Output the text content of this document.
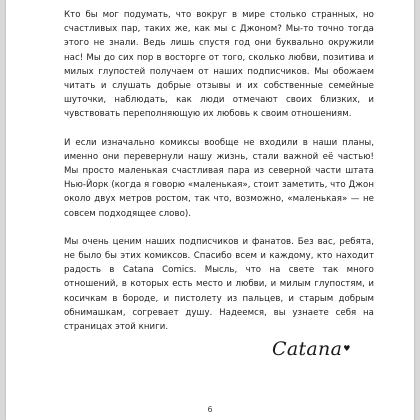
Кто бы мог подумать, что вокруг в мире столько странных, но счастливых пар, таких же, как мы с Джоном? Мы-то точно тогда этого не знали. Ведь лишь спустя год они буквально окружили нас! Мы до сих пор в восторге от того, сколько любви, позитива и милых глупостей получаем от наших подписчиков. Мы обожаем читать и слушать добрые отзывы и их собственные семейные шуточки, наблюдать, как люди отмечают своих близких, и чувствовать переполняющую их любовь к своим отношениям.

И если изначально комиксы вообще не входили в наши планы, именно они перевернули нашу жизнь, стали важной её частью! Мы просто маленькая счастливая пара из северной части штата Нью-Йорк (когда я говорю «маленькая», стоит заметить, что Джон около двух метров ростом, так что, возможно, «маленькая» — не совсем подходящее слово).

Мы очень ценим наших подписчиков и фанатов. Без вас, ребята, не было бы этих комиксов. Спасибо всем и каждому, кто находит радость в Catana Comics. Мысль, что на свете так много отношений, в которых есть место и любви, и милым глупостям, и косичкам в бороде, и пистолету из пальцев, и старым добрым обнимашкам, согревает душу. Надеемся, вы узнаете себя на страницах этой книги.

Catana♥
6
